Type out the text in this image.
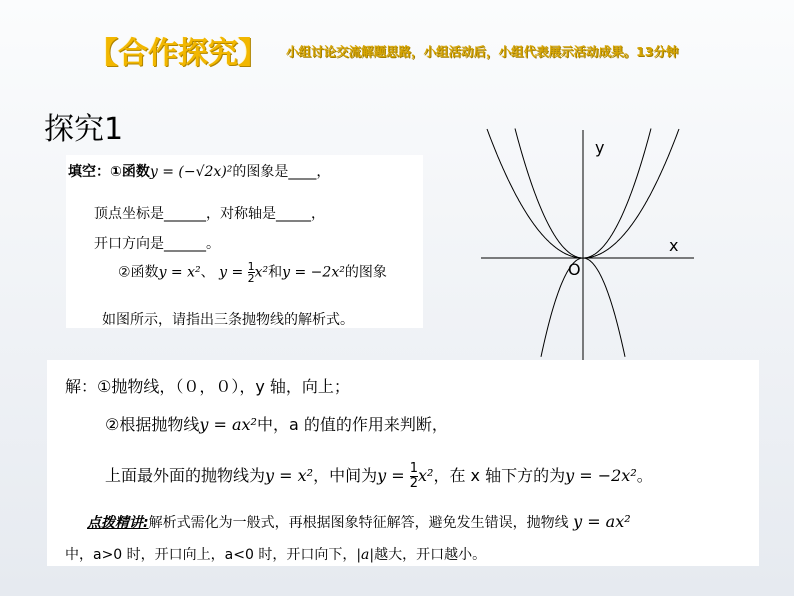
【合作探究】 小组讨论交流解题思路，小组活动后，小组代表展示活动成果。13分钟
探究1
填空：①函数y = (−√2x)²的图象是____，
顶点坐标是______，对称轴是_____，
开口方向是______。
②函数y = x²、 $y = \frac{1}{2} x^2$和y = −2x²的图象
如图所示，请指出三条抛物线的解析式。
y
x
O
解：①抛物线，（０，０），y 轴，向上；
②根据抛物线y = ax²中，a 的值的作用来判断，
上面最外面的抛物线为y = x²，中间为$y = \frac{1}{2} x^2$，在 x 轴下方的为y = −2x²。
点拨精讲:解析式需化为一般式，再根据图象特征解答，避免发生错误，抛物线 y = ax²
中，a>0 时，开口向上，a<0 时，开口向下，|a|越大，开口越小。
